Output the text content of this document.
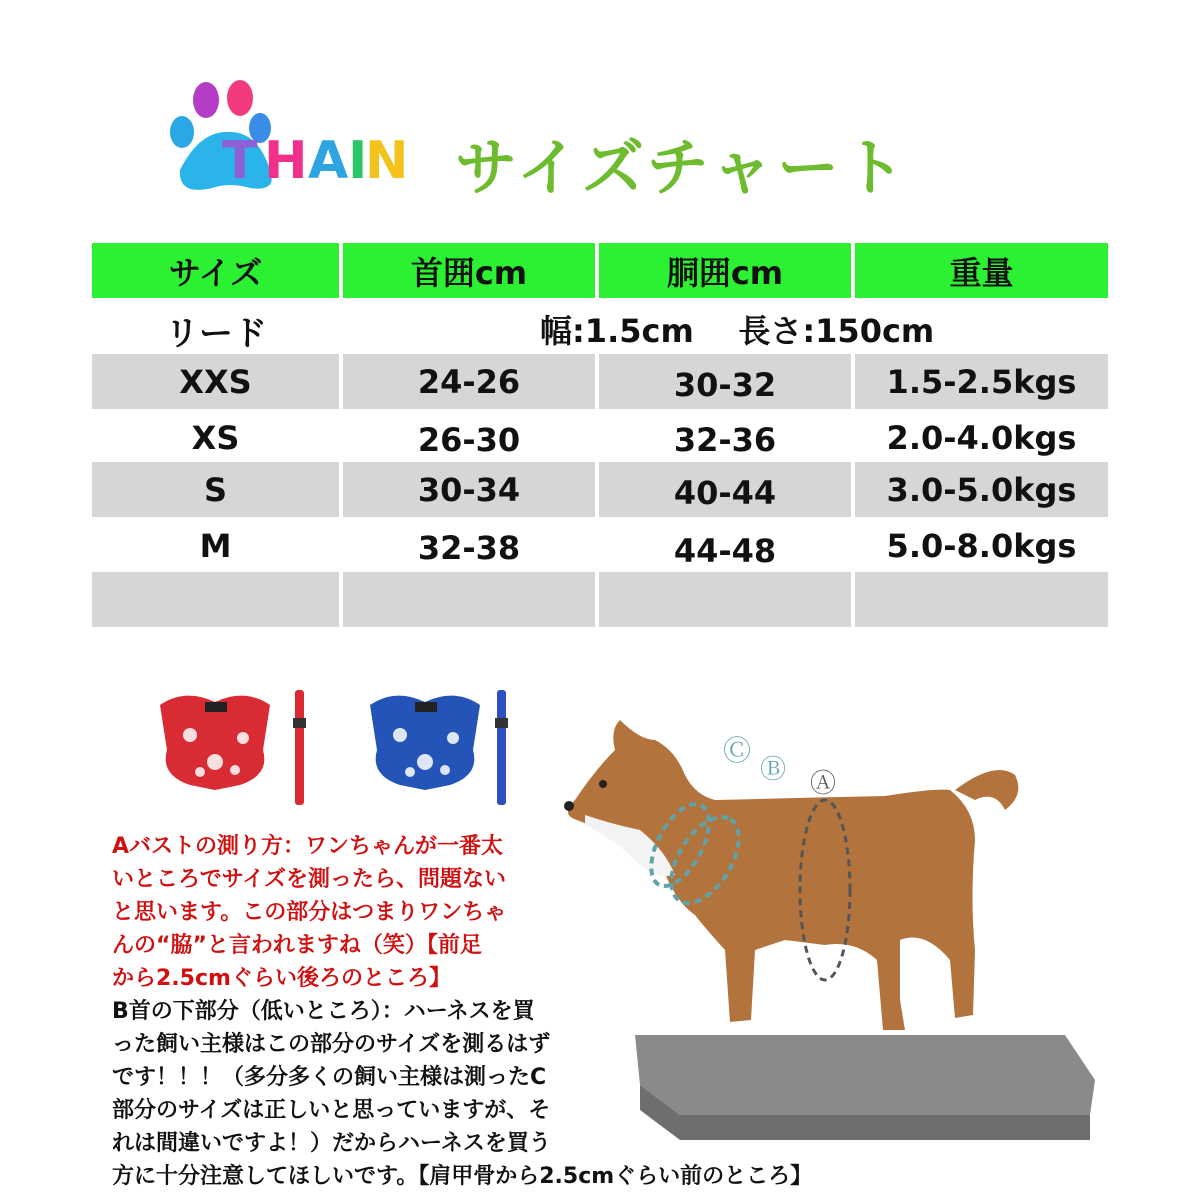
T H A I
N サイズチャート
サイズ	首囲cm	胴囲cm	重量
リード	幅:1.5cm    長さ:150cm
XXS	24-26	30-32	1.5-2.5kgs
XS	26-30	32-36	2.0-4.0kgs
S	30-34	40-44	3.0-5.0kgs
M	32-38	44-48	5.0-8.0kgs
Ⓒ
Ⓑ Ⓐ
Aバストの測り方：ワンちゃんが一番太
いところでサイズを測ったら、問題ない
と思います。この部分はつまりワンちゃ
んの“脇”と言われますね（笑）【前足
から2.5cmぐらい後ろのところ】
B首の下部分（低いところ）：ハーネスを買
った飼い主様はこの部分のサイズを測るはず
です！！！（多分多くの飼い主様は測ったC
部分のサイズは正しいと思っていますが、そ
れは間違いですよ！）だからハーネスを買う
方に十分注意してほしいです。【肩甲骨から2.5cmぐらい前のところ】
